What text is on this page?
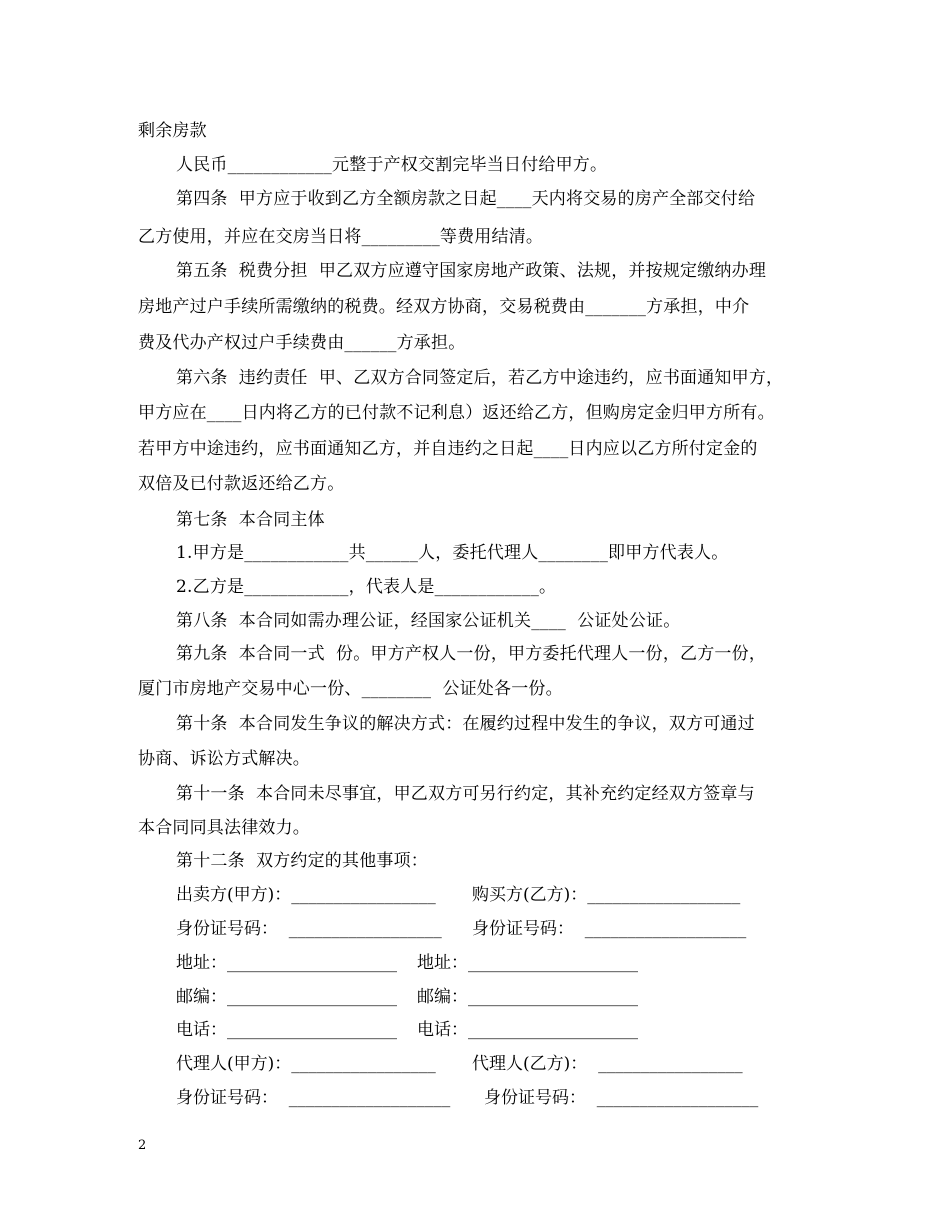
剩余房款
人民币____________元整于产权交割完毕当日付给甲方。
第四条  甲方应于收到乙方全额房款之日起____天内将交易的房产全部交付给
乙方使用，并应在交房当日将_________等费用结清。
第五条  税费分担  甲乙双方应遵守国家房地产政策、法规，并按规定缴纳办理
房地产过户手续所需缴纳的税费。经双方协商，交易税费由_______方承担，中介
费及代办产权过户手续费由______方承担。
第六条  违约责任  甲、乙双方合同签定后，若乙方中途违约，应书面通知甲方，
甲方应在____日内将乙方的已付款不记利息）返还给乙方，但购房定金归甲方所有。
若甲方中途违约，应书面通知乙方，并自违约之日起____日内应以乙方所付定金的
双倍及已付款返还给乙方。
第七条  本合同主体
1.甲方是____________共______人，委托代理人________即甲方代表人。
2.乙方是____________，代表人是____________。
第八条  本合同如需办理公证，经国家公证机关____  公证处公证。
第九条  本合同一式  份。甲方产权人一份，甲方委托代理人一份，乙方一份，
厦门市房地产交易中心一份、________  公证处各一份。
第十条  本合同发生争议的解决方式：在履约过程中发生的争议，双方可通过
协商、诉讼方式解决。
第十一条  本合同未尽事宜，甲乙双方可另行约定，其补充约定经双方签章与
本合同同具法律效力。
第十二条  双方约定的其他事项：
出卖方(甲方)：_________________ 购买方(乙方)：__________________
身份证号码：  __________________ 身份证号码：  ___________________
地址：____________________ 地址：____________________
邮编：____________________ 邮编：____________________
电话：____________________ 电话：____________________
代理人(甲方)：_________________ 代理人(乙方)：  _________________
身份证号码：  ___________________ 身份证号码：  ___________________
2
